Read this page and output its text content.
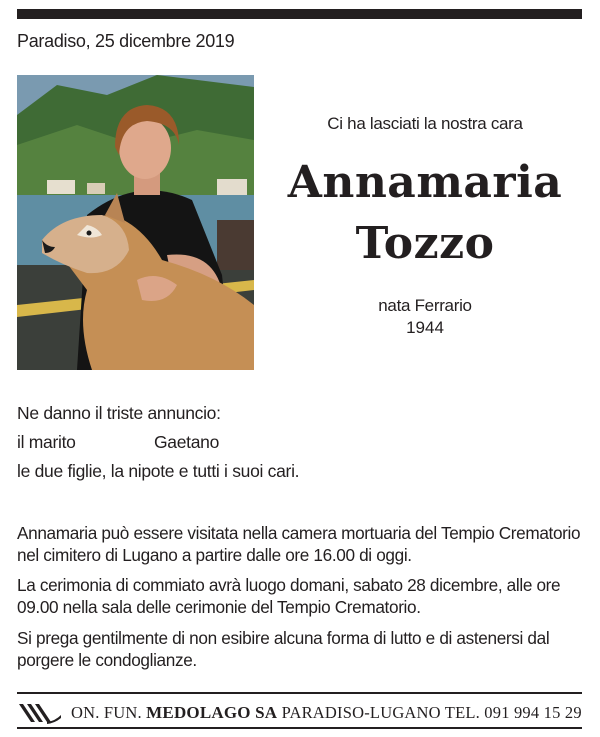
Paradiso, 25 dicembre 2019
Ci ha lasciati la nostra cara
Annamaria
Tozzo
nata Ferrario
1944
Ne danno il triste annuncio:
il marito	Gaetano
le due figlie, la nipote e tutti i suoi cari.
Annamaria può essere visitata nella camera mortuaria del Tempio Crematorio nel cimitero di Lugano a partire dalle ore 16.00 di oggi.
La cerimonia di commiato avrà luogo domani, sabato 28 dicembre, alle ore 09.00 nella sala delle cerimonie del Tempio Crematorio.
Si prega gentilmente di non esibire alcuna forma di lutto e di astenersi dal porgere le condoglianze.
ON. FUN. MEDOLAGO SA PARADISO-LUGANO TEL. 091 994 15 29
